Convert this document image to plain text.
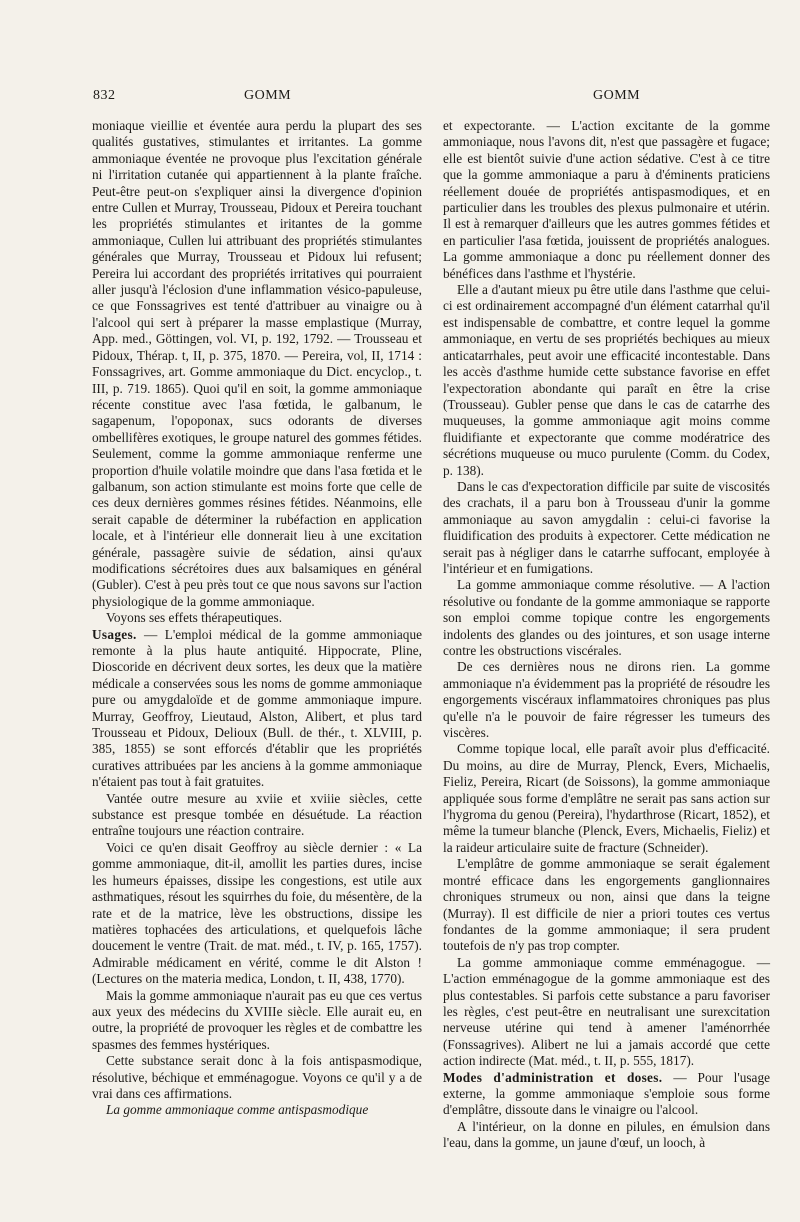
832	GOMM	GOMM

moniaque vieillie et éventée aura perdu la plupart des ses qualités gustatives, stimulantes et irritantes. La gomme ammoniaque éventée ne provoque plus l'excitation générale ni l'irritation cutanée qui appartiennent à la plante fraîche. Peut-être peut-on s'expliquer ainsi la divergence d'opinion entre Cullen et Murray, Trousseau, Pidoux et Pereira touchant les propriétés stimulantes et iritantes de la gomme ammoniaque, Cullen lui attribuant des propriétés stimulantes générales que Murray, Trousseau et Pidoux lui refusent; Pereira lui accordant des propriétés irritatives qui pourraient aller jusqu'à l'éclosion d'une inflammation vésico-papuleuse, ce que Fonssagrives est tenté d'attribuer au vinaigre ou à l'alcool qui sert à préparer la masse emplastique (Murray, App. med., Göttingen, vol. VI, p. 192, 1792. — Trousseau et Pidoux, Thérap. t, II, p. 375, 1870. — Pereira, vol, II, 1714 : Fonssagrives, art. Gomme ammoniaque du Dict. encyclop., t. III, p. 719. 1865). Quoi qu'il en soit, la gomme ammoniaque récente constitue avec l'asa fœtida, le galbanum, le sagapenum, l'opoponax, sucs odorants de diverses ombellifères exotiques, le groupe naturel des gommes fétides. Seulement, comme la gomme ammoniaque renferme une proportion d'huile volatile moindre que dans l'asa fœtida et le galbanum, son action stimulante est moins forte que celle de ces deux dernières gommes résines fétides. Néanmoins, elle serait capable de déterminer la rubéfaction en application locale, et à l'intérieur elle donnerait lieu à une excitation générale, passagère suivie de sédation, ainsi qu'aux modifications sécrétoires dues aux balsamiques en général (Gubler). C'est à peu près tout ce que nous savons sur l'action physiologique de la gomme ammoniaque.

Voyons ses effets thérapeutiques.

Usages. — L'emploi médical de la gomme ammoniaque remonte à la plus haute antiquité. Hippocrate, Pline, Dioscoride en décrivent deux sortes, les deux que la matière médicale a conservées sous les noms de gomme ammoniaque pure ou amygdaloïde et de gomme ammoniaque impure. Murray, Geoffroy, Lieutaud, Alston, Alibert, et plus tard Trousseau et Pidoux, Delioux (Bull. de thér., t. XLVIII, p. 385, 1855) se sont efforcés d'établir que les propriétés curatives attribuées par les anciens à la gomme ammoniaque n'étaient pas tout à fait gratuites.

Vantée outre mesure au xviie et xviiie siècles, cette substance est presque tombée en désuétude. La réaction entraîne toujours une réaction contraire.

Voici ce qu'en disait Geoffroy au siècle dernier : « La gomme ammoniaque, dit-il, amollit les parties dures, incise les humeurs épaisses, dissipe les congestions, est utile aux asthmatiques, résout les squirrhes du foie, du mésentère, de la rate et de la matrice, lève les obstructions, dissipe les matières tophacées des articulations, et quelquefois lâche doucement le ventre (Trait. de mat. méd., t. IV, p. 165, 1757). Admirable médicament en vérité, comme le dit Alston ! (Lectures on the materia medica, London, t. II, 438, 1770).

Mais la gomme ammoniaque n'aurait pas eu que ces vertus aux yeux des médecins du XVIIIe siècle. Elle aurait eu, en outre, la propriété de provoquer les règles et de combattre les spasmes des femmes hystériques.

Cette substance serait donc à la fois antispasmodique, résolutive, béchique et emménagogue. Voyons ce qu'il y a de vrai dans ces affirmations.

La gomme ammoniaque comme antispasmodique

et expectorante. — L'action excitante de la gomme ammoniaque, nous l'avons dit, n'est que passagère et fugace; elle est bientôt suivie d'une action sédative. C'est à ce titre que la gomme ammoniaque a paru à d'éminents praticiens réellement douée de propriétés antispasmodiques, et en particulier dans les troubles des plexus pulmonaire et utérin. Il est à remarquer d'ailleurs que les autres gommes fétides et en particulier l'asa fœtida, jouissent de propriétés analogues. La gomme ammoniaque a donc pu réellement donner des bénéfices dans l'asthme et l'hystérie.

Elle a d'autant mieux pu être utile dans l'asthme que celui-ci est ordinairement accompagné d'un élément catarrhal qu'il est indispensable de combattre, et contre lequel la gomme ammoniaque, en vertu de ses propriétés bechiques au mieux anticatarrhales, peut avoir une efficacité incontestable. Dans les accès d'asthme humide cette substance favorise en effet l'expectoration abondante qui paraît en être la crise (Trousseau). Gubler pense que dans le cas de catarrhe des muqueuses, la gomme ammoniaque agit moins comme fluidifiante et expectorante que comme modératrice des sécrétions muqueuse ou muco purulente (Comm. du Codex, p. 138).

Dans le cas d'expectoration difficile par suite de viscosités des crachats, il a paru bon à Trousseau d'unir la gomme ammoniaque au savon amygdalin : celui-ci favorise la fluidification des produits à expectorer. Cette médication ne serait pas à négliger dans le catarrhe suffocant, employée à l'intérieur et en fumigations.

La gomme ammoniaque comme résolutive. — A l'action résolutive ou fondante de la gomme ammoniaque se rapporte son emploi comme topique contre les engorgements indolents des glandes ou des jointures, et son usage interne contre les obstructions viscérales.

De ces dernières nous ne dirons rien. La gomme ammoniaque n'a évidemment pas la propriété de résoudre les engorgements viscéraux inflammatoires chroniques pas plus qu'elle n'a le pouvoir de faire régresser les tumeurs des viscères.

Comme topique local, elle paraît avoir plus d'efficacité. Du moins, au dire de Murray, Plenck, Evers, Michaelis, Fieliz, Pereira, Ricart (de Soissons), la gomme ammoniaque appliquée sous forme d'emplâtre ne serait pas sans action sur l'hygroma du genou (Pereira), l'hydarthrose (Ricart, 1852), et même la tumeur blanche (Plenck, Evers, Michaelis, Fieliz) et la raideur articulaire suite de fracture (Schneider).

L'emplâtre de gomme ammoniaque se serait également montré efficace dans les engorgements ganglionnaires chroniques strumeux ou non, ainsi que dans la teigne (Murray). Il est difficile de nier a priori toutes ces vertus fondantes de la gomme ammoniaque; il sera prudent toutefois de n'y pas trop compter.

La gomme ammoniaque comme emménagogue. — L'action emménagogue de la gomme ammoniaque est des plus contestables. Si parfois cette substance a paru favoriser les règles, c'est peut-être en neutralisant une surexcitation nerveuse utérine qui tend à amener l'aménorrhée (Fonssagrives). Alibert ne lui a jamais accordé que cette action indirecte (Mat. méd., t. II, p. 555, 1817).

Modes d'administration et doses. — Pour l'usage externe, la gomme ammoniaque s'emploie sous forme d'emplâtre, dissoute dans le vinaigre ou l'alcool.

A l'intérieur, on la donne en pilules, en émulsion dans l'eau, dans la gomme, un jaune d'œuf, un looch, à
